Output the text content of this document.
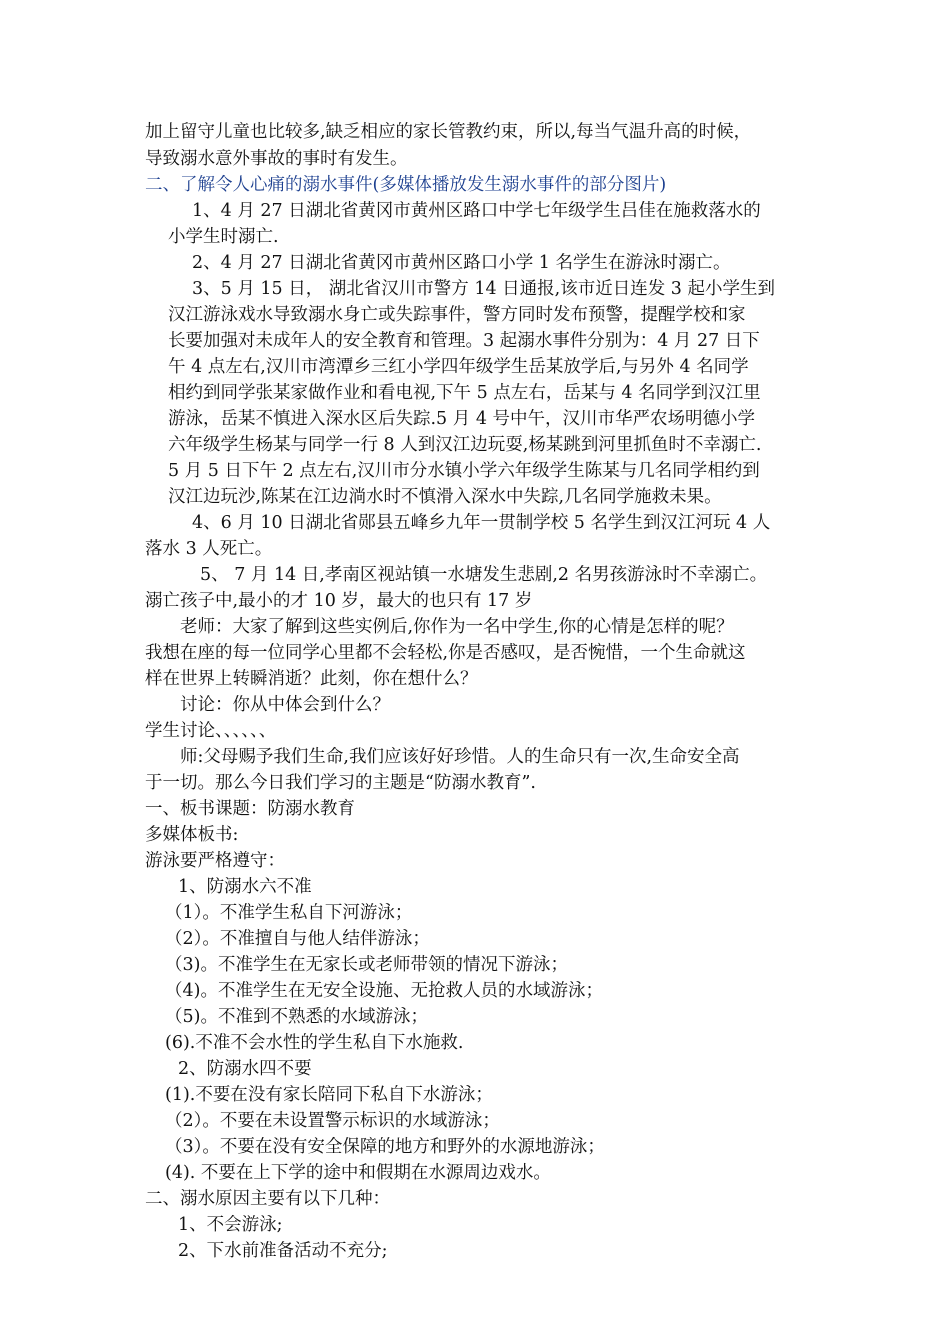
加上留守儿童也比较多,缺乏相应的家长管教约束，所以,每当气温升高的时候，
导致溺水意外事故的事时有发生。
二、了解令人心痛的溺水事件(多媒体播放发生溺水事件的部分图片)
1、4 月 27 日湖北省黄冈市黄州区路口中学七年级学生吕佳在施救落水的
小学生时溺亡.
2、4 月 27 日湖北省黄冈市黄州区路口小学 1 名学生在游泳时溺亡。
3、5 月 15 日， 湖北省汉川市警方 14 日通报,该市近日连发 3 起小学生到
汉江游泳戏水导致溺水身亡或失踪事件，警方同时发布预警，提醒学校和家
长要加强对未成年人的安全教育和管理。3 起溺水事件分别为：4 月 27 日下
午 4 点左右,汉川市湾潭乡三红小学四年级学生岳某放学后,与另外 4 名同学
相约到同学张某家做作业和看电视,下午 5 点左右，岳某与 4 名同学到汉江里
游泳，岳某不慎进入深水区后失踪.5 月 4 号中午，汉川市华严农场明德小学
六年级学生杨某与同学一行 8 人到汉江边玩耍,杨某跳到河里抓鱼时不幸溺亡.
5 月 5 日下午 2 点左右,汉川市分水镇小学六年级学生陈某与几名同学相约到
汉江边玩沙,陈某在江边淌水时不慎滑入深水中失踪,几名同学施救未果。
4、6 月 10 日湖北省郧县五峰乡九年一贯制学校 5 名学生到汉江河玩 4 人
落水 3 人死亡。
5、 7 月 14 日,孝南区视站镇一水塘发生悲剧,2 名男孩游泳时不幸溺亡。
溺亡孩子中,最小的才 10 岁，最大的也只有 17 岁
老师：大家了解到这些实例后,你作为一名中学生,你的心情是怎样的呢？
我想在座的每一位同学心里都不会轻松,你是否感叹，是否惋惜，一个生命就这
样在世界上转瞬消逝？此刻，你在想什么？
讨论：你从中体会到什么？
学生讨论、、、、、、
师:父母赐予我们生命,我们应该好好珍惜。人的生命只有一次,生命安全高
于一切。那么今日我们学习的主题是“防溺水教育”.
一、板书课题：防溺水教育
多媒体板书:
游泳要严格遵守：
1、防溺水六不准
（1）。不准学生私自下河游泳；
（2）。不准擅自与他人结伴游泳；
（3)。不准学生在无家长或老师带领的情况下游泳；
（4)。不准学生在无安全设施、无抢救人员的水域游泳；
（5)。不准到不熟悉的水域游泳；
(6).不准不会水性的学生私自下水施救.
2、防溺水四不要
(1).不要在没有家长陪同下私自下水游泳；
（2）。不要在未设置警示标识的水域游泳；
（3）。不要在没有安全保障的地方和野外的水源地游泳；
(4). 不要在上下学的途中和假期在水源周边戏水。
二、溺水原因主要有以下几种：
1、不会游泳;
2、下水前准备活动不充分;
